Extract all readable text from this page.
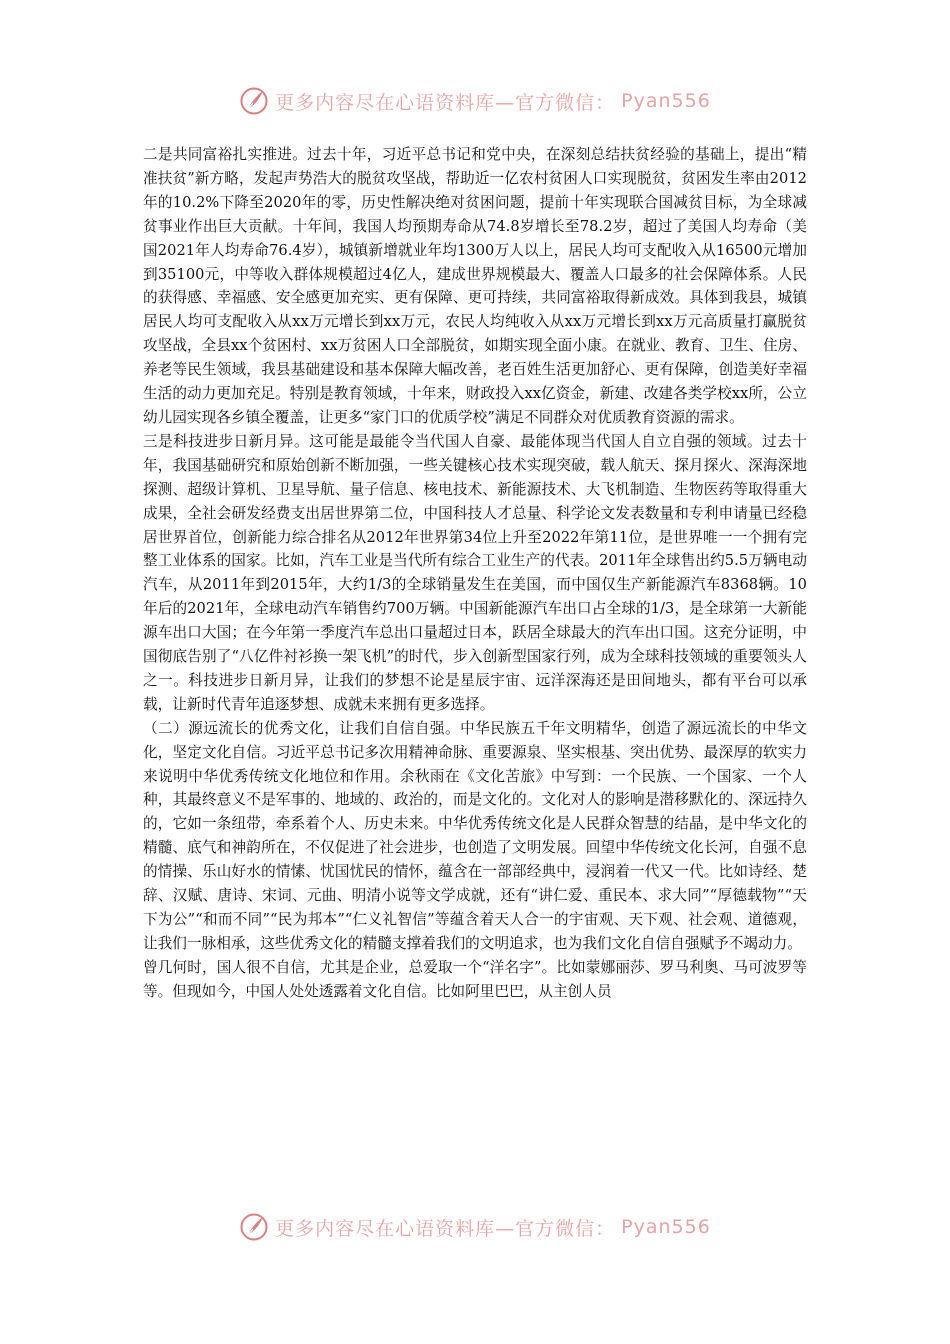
更多内容尽在心语资料库—官方微信： Pyan556

二是共同富裕扎实推进。过去十年，习近平总书记和党中央，在深刻总结扶贫经验的基础上，提出“精准扶贫”新方略，发起声势浩大的脱贫攻坚战，帮助近一亿农村贫困人口实现脱贫，贫困发生率由2012年的10.2%下降至2020年的零，历史性解决绝对贫困问题，提前十年实现联合国减贫目标，为全球减贫事业作出巨大贡献。十年间，我国人均预期寿命从74.8岁增长至78.2岁，超过了美国人均寿命（美国2021年人均寿命76.4岁），城镇新增就业年均1300万人以上，居民人均可支配收入从16500元增加到35100元，中等收入群体规模超过4亿人，建成世界规模最大、覆盖人口最多的社会保障体系。人民的获得感、幸福感、安全感更加充实、更有保障、更可持续，共同富裕取得新成效。具体到我县，城镇居民人均可支配收入从xx万元增长到xx万元，农民人均纯收入从xx万元增长到xx万元高质量打赢脱贫攻坚战，全县xx个贫困村、xx万贫困人口全部脱贫，如期实现全面小康。在就业、教育、卫生、住房、养老等民生领域，我县基础建设和基本保障大幅改善，老百姓生活更加舒心、更有保障，创造美好幸福生活的动力更加充足。特别是教育领域，十年来，财政投入xx亿资金，新建、改建各类学校xx所，公立幼儿园实现各乡镇全覆盖，让更多“家门口的优质学校”满足不同群众对优质教育资源的需求。

三是科技进步日新月异。这可能是最能令当代国人自豪、最能体现当代国人自立自强的领域。过去十年，我国基础研究和原始创新不断加强，一些关键核心技术实现突破，载人航天、探月探火、深海深地探测、超级计算机、卫星导航、量子信息、核电技术、新能源技术、大飞机制造、生物医药等取得重大成果，全社会研发经费支出居世界第二位，中国科技人才总量、科学论文发表数量和专利申请量已经稳居世界首位，创新能力综合排名从2012年世界第34位上升至2022年第11位，是世界唯一一个拥有完整工业体系的国家。比如，汽车工业是当代所有综合工业生产的代表。2011年全球售出约5.5万辆电动汽车，从2011年到2015年，大约1/3的全球销量发生在美国，而中国仅生产新能源汽车8368辆。10年后的2021年，全球电动汽车销售约700万辆。中国新能源汽车出口占全球的1/3，是全球第一大新能源车出口大国；在今年第一季度汽车总出口量超过日本，跃居全球最大的汽车出口国。这充分证明，中国彻底告别了“八亿件衬衫换一架飞机”的时代，步入创新型国家行列，成为全球科技领域的重要领头人之一。科技进步日新月异，让我们的梦想不论是星辰宇宙、远洋深海还是田间地头，都有平台可以承载，让新时代青年追逐梦想、成就未来拥有更多选择。

（二）源远流长的优秀文化，让我们自信自强。中华民族五千年文明精华，创造了源远流长的中华文化，坚定文化自信。习近平总书记多次用精神命脉、重要源泉、坚实根基、突出优势、最深厚的软实力来说明中华优秀传统文化地位和作用。余秋雨在《文化苦旅》中写到：一个民族、一个国家、一个人种，其最终意义不是军事的、地域的、政治的，而是文化的。文化对人的影响是潜移默化的、深远持久的，它如一条纽带，牵系着个人、历史未来。中华优秀传统文化是人民群众智慧的结晶，是中华文化的精髓、底气和神韵所在，不仅促进了社会进步，也创造了文明发展。回望中华传统文化长河，自强不息的情操、乐山好水的情愫、忧国忧民的情怀，蕴含在一部部经典中，浸润着一代又一代。比如诗经、楚辞、汉赋、唐诗、宋词、元曲、明清小说等文学成就，还有“讲仁爱、重民本、求大同”“厚德载物”“天下为公”“和而不同”“民为邦本”“仁义礼智信”等蕴含着天人合一的宇宙观、天下观、社会观、道德观，让我们一脉相承，这些优秀文化的精髓支撑着我们的文明追求，也为我们文化自信自强赋予不竭动力。

曾几何时，国人很不自信，尤其是企业，总爱取一个“洋名字”。比如蒙娜丽莎、罗马利奥、马可波罗等等。但现如今，中国人处处透露着文化自信。比如阿里巴巴，从主创人员

更多内容尽在心语资料库—官方微信： Pyan556
